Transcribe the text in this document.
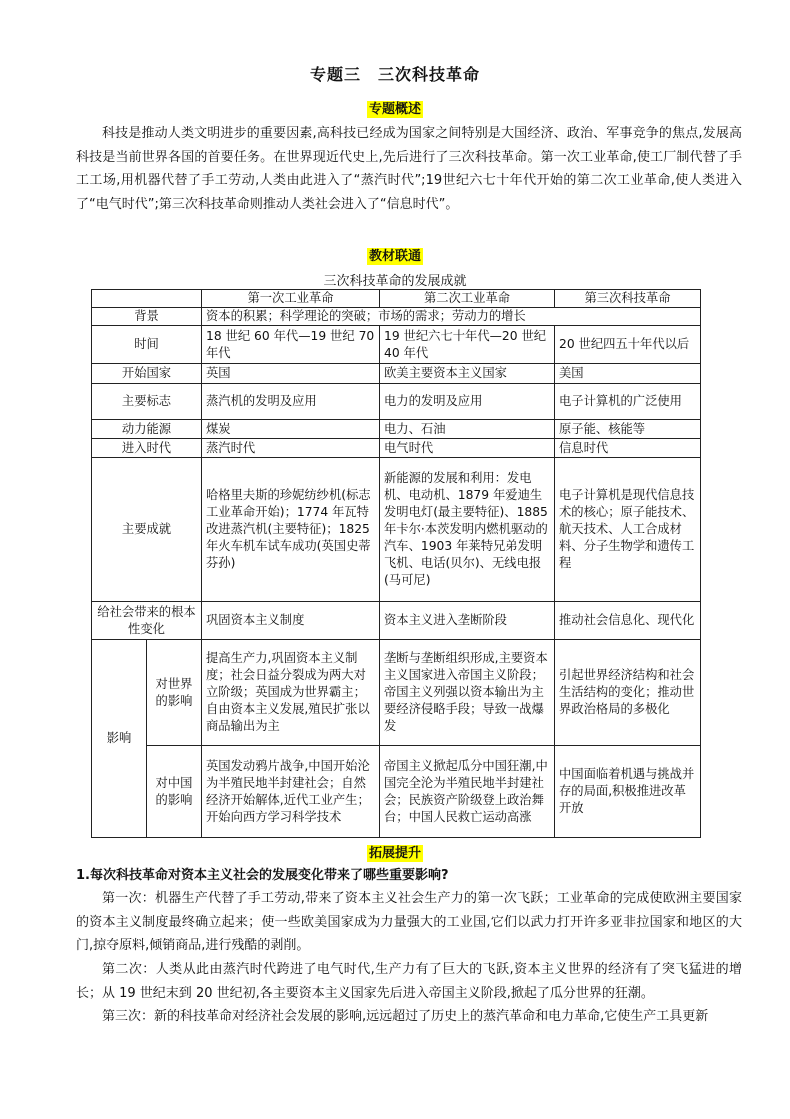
专题三　三次科技革命
专题概述

科技是推动人类文明进步的重要因素,高科技已经成为国家之间特别是大国经济、政治、军事竞争的焦点,发展高科技是当前世界各国的首要任务。在世界现近代史上,先后进行了三次科技革命。第一次工业革命,使工厂制代替了手工工场,用机器代替了手工劳动,人类由此进入了“蒸汽时代”;19世纪六七十年代开始的第二次工业革命,使人类进入了“电气时代”;第三次科技革命则推动人类社会进入了“信息时代”。

教材联通
三次科技革命的发展成就
		第一次工业革命	第二次工业革命	第三次科技革命
背景		资本的积累；科学理论的突破；市场的需求；劳动力的增长		
时间		18 世纪 60 年代—19 世纪 70 年代	19 世纪六七十年代—20 世纪 40 年代	20 世纪四五十年代以后
开始国家		英国	欧美主要资本主义国家	美国
主要标志		蒸汽机的发明及应用	电力的发明及应用	电子计算机的广泛使用
动力能源		煤炭	电力、石油	原子能、核能等
进入时代		蒸汽时代	电气时代	信息时代
主要成就		哈格里夫斯的珍妮纺纱机(标志工业革命开始)；1774 年瓦特改进蒸汽机(主要特征)；1825 年火车机车试车成功(英国史蒂芬孙)	新能源的发展和利用：发电机、电动机、1879 年爱迪生发明电灯(最主要特征)、1885 年卡尔·本茨发明内燃机驱动的汽车、1903 年莱特兄弟发明飞机、电话(贝尔)、无线电报(马可尼)	电子计算机是现代信息技术的核心；原子能技术、航天技术、人工合成材料、分子生物学和遗传工程
给社会带来的根本性变化		巩固资本主义制度	资本主义进入垄断阶段	推动社会信息化、现代化
影响	对世界的影响	提高生产力,巩固资本主义制度；社会日益分裂成为两大对立阶级；英国成为世界霸主；自由资本主义发展,殖民扩张以商品输出为主	垄断与垄断组织形成,主要资本主义国家进入帝国主义阶段；帝国主义列强以资本输出为主要经济侵略手段；导致一战爆发	引起世界经济结构和社会生活结构的变化；推动世界政治格局的多极化
	对中国的影响	英国发动鸦片战争,中国开始沦为半殖民地半封建社会；自然经济开始解体,近代工业产生；开始向西方学习科学技术	帝国主义掀起瓜分中国狂潮,中国完全沦为半殖民地半封建社会；民族资产阶级登上政治舞台；中国人民救亡运动高涨	中国面临着机遇与挑战并存的局面,积极推进改革开放
拓展提升
1.每次科技革命对资本主义社会的发展变化带来了哪些重要影响?

第一次：机器生产代替了手工劳动,带来了资本主义社会生产力的第一次飞跃；工业革命的完成使欧洲主要国家的资本主义制度最终确立起来；使一些欧美国家成为力量强大的工业国,它们以武力打开许多亚非拉国家和地区的大门,掠夺原料,倾销商品,进行残酷的剥削。

第二次：人类从此由蒸汽时代跨进了电气时代,生产力有了巨大的飞跃,资本主义世界的经济有了突飞猛进的增长；从 19 世纪末到 20 世纪初,各主要资本主义国家先后进入帝国主义阶段,掀起了瓜分世界的狂潮。

第三次：新的科技革命对经济社会发展的影响,远远超过了历史上的蒸汽革命和电力革命,它使生产工具更新
